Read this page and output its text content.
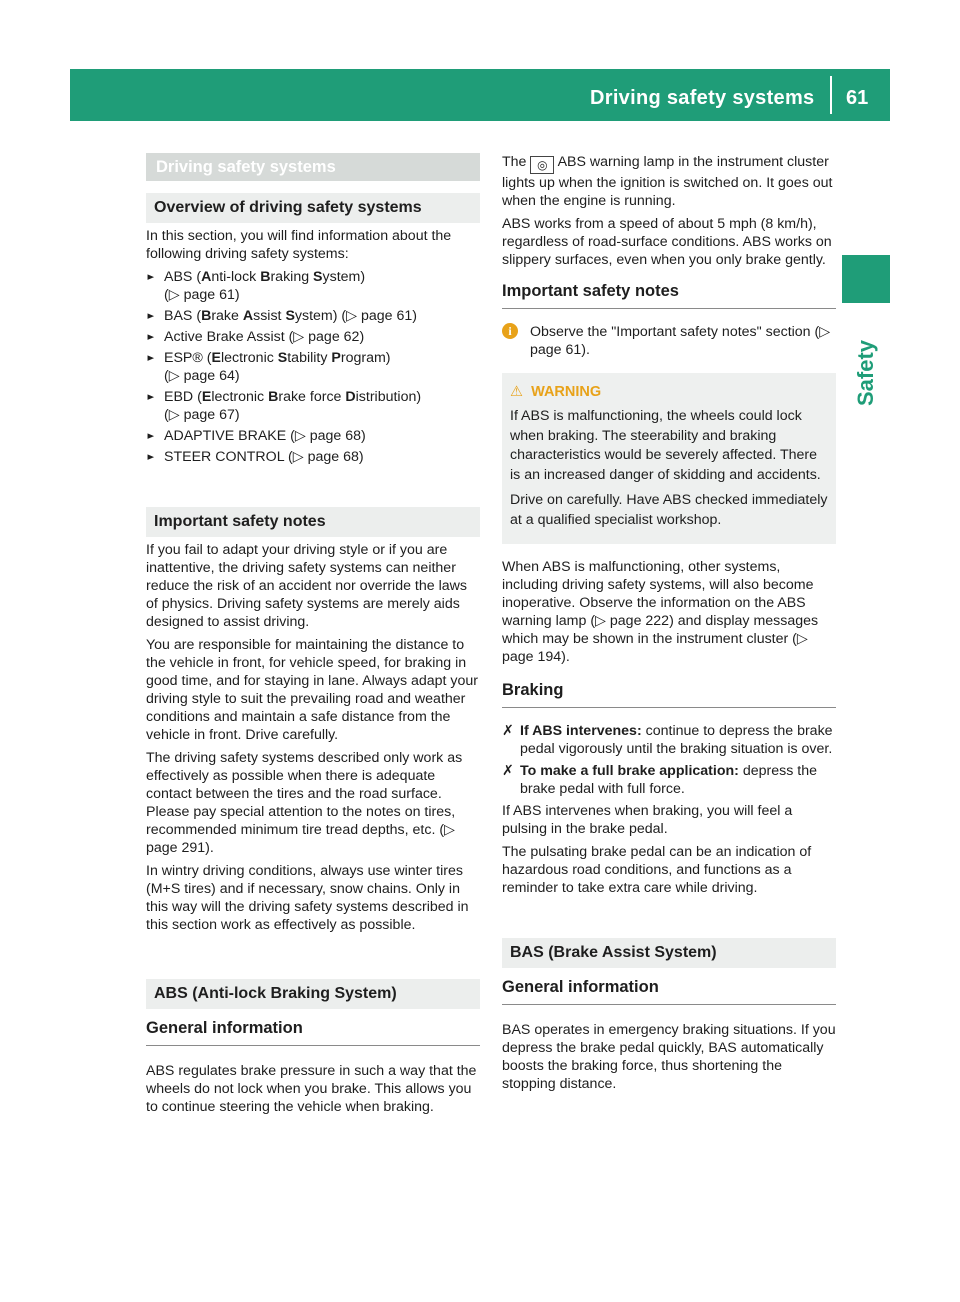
Driving safety systems 61
Safety
Driving safety systems
Overview of driving safety systems

In this section, you will find information about the following driving safety systems:

▸ ABS (Anti-lock Braking System)
(▷ page 61)
▸ BAS (Brake Assist System) (▷ page 61)
▸ Active Brake Assist (▷ page 62)
▸ ESP® (Electronic Stability Program)
(▷ page 64)
▸ EBD (Electronic Brake force Distribution)
(▷ page 67)
▸ ADAPTIVE BRAKE (▷ page 68)
▸ STEER CONTROL (▷ page 68)
Important safety notes

If you fail to adapt your driving style or if you are inattentive, the driving safety systems can neither reduce the risk of an accident nor override the laws of physics. Driving safety systems are merely aids designed to assist driving.

You are responsible for maintaining the distance to the vehicle in front, for vehicle speed, for braking in good time, and for staying in lane. Always adapt your driving style to suit the prevailing road and weather conditions and maintain a safe distance from the vehicle in front. Drive carefully.

The driving safety systems described only work as effectively as possible when there is adequate contact between the tires and the road surface. Please pay special attention to the notes on tires, recommended minimum tire tread depths, etc. (▷ page 291).

In wintry driving conditions, always use winter tires (M+S tires) and if necessary, snow chains. Only in this way will the driving safety systems described in this section work as effectively as possible.

ABS (Anti-lock Braking System)
General information

ABS regulates brake pressure in such a way that the wheels do not lock when you brake. This allows you to continue steering the vehicle when braking.

The ◎ ABS warning lamp in the instrument cluster lights up when the ignition is switched on. It goes out when the engine is running.

ABS works from a speed of about 5 mph (8 km/h), regardless of road-surface conditions. ABS works on slippery surfaces, even when you only brake gently.

Important safety notes
i	Observe the "Important safety notes" section (▷ page 61).
⚠ WARNING

If ABS is malfunctioning, the wheels could lock when braking. The steerability and braking characteristics would be severely affected. There is an increased danger of skidding and accidents.

Drive on carefully. Have ABS checked immediately at a qualified specialist workshop.

When ABS is malfunctioning, other systems, including driving safety systems, will also become inoperative. Observe the information on the ABS warning lamp (▷ page 222) and display messages which may be shown in the instrument cluster (▷ page 194).

Braking
✗ If ABS intervenes: continue to depress the brake pedal vigorously until the braking situation is over.
✗ To make a full brake application: depress the brake pedal with full force.

If ABS intervenes when braking, you will feel a pulsing in the brake pedal.

The pulsating brake pedal can be an indication of hazardous road conditions, and functions as a reminder to take extra care while driving.

BAS (Brake Assist System)
General information

BAS operates in emergency braking situations. If you depress the brake pedal quickly, BAS automatically boosts the braking force, thus shortening the stopping distance.
